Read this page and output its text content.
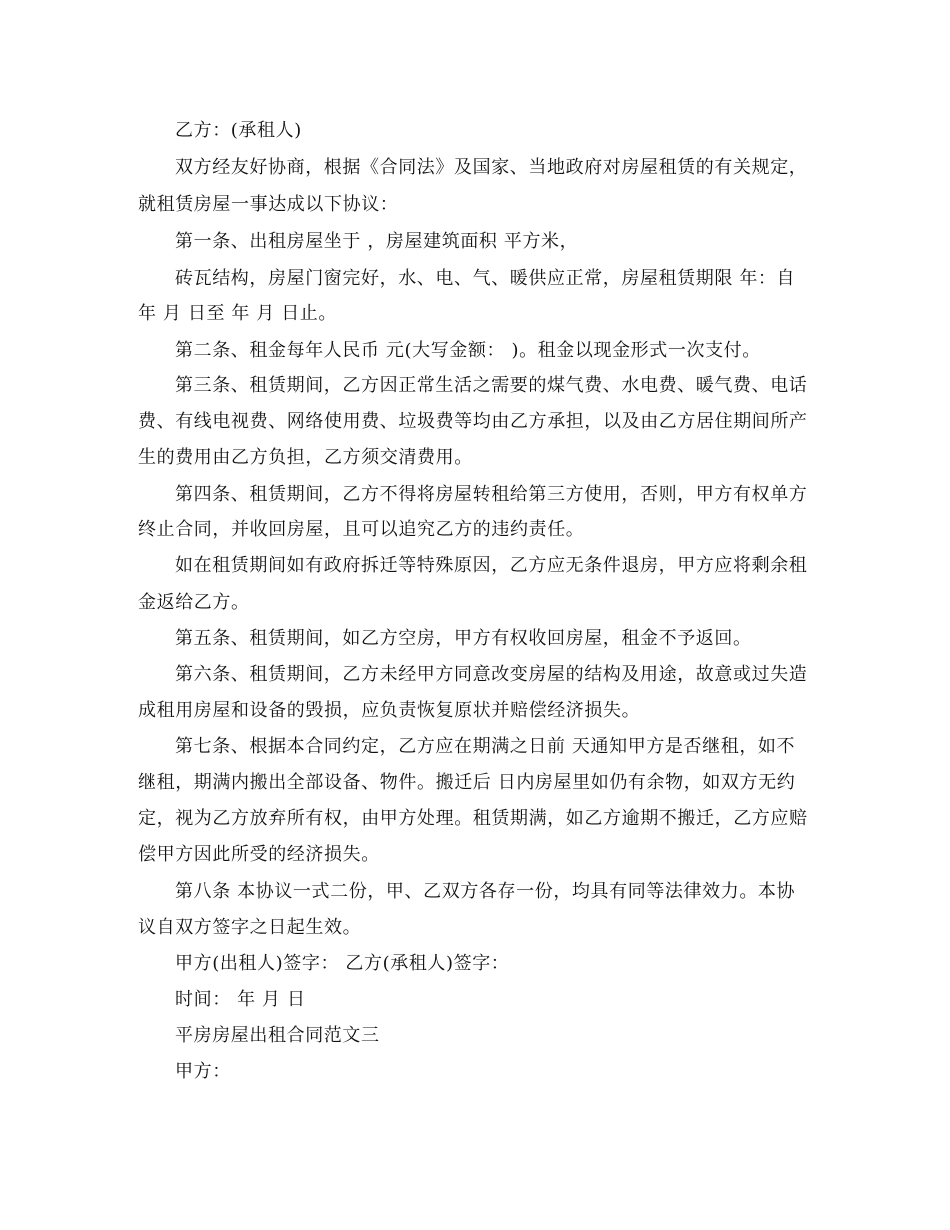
乙方：(承租人)
双方经友好协商，根据《合同法》及国家、当地政府对房屋租赁的有关规定，
就租赁房屋一事达成以下协议：
第一条、出租房屋坐于 ，房屋建筑面积 平方米，
砖瓦结构，房屋门窗完好，水、电、气、暖供应正常，房屋租赁期限 年：自
年 月 日至 年 月 日止。
第二条、租金每年人民币 元(大写金额： )。租金以现金形式一次支付。
第三条、租赁期间，乙方因正常生活之需要的煤气费、水电费、暖气费、电话
费、有线电视费、网络使用费、垃圾费等均由乙方承担，以及由乙方居住期间所产
生的费用由乙方负担，乙方须交清费用。
第四条、租赁期间，乙方不得将房屋转租给第三方使用，否则，甲方有权单方
终止合同，并收回房屋，且可以追究乙方的违约责任。
如在租赁期间如有政府拆迁等特殊原因，乙方应无条件退房，甲方应将剩余租
金返给乙方。
第五条、租赁期间，如乙方空房，甲方有权收回房屋，租金不予返回。
第六条、租赁期间，乙方未经甲方同意改变房屋的结构及用途，故意或过失造
成租用房屋和设备的毁损，应负责恢复原状并赔偿经济损失。
第七条、根据本合同约定，乙方应在期满之日前 天通知甲方是否继租，如不
继租，期满内搬出全部设备、物件。搬迁后 日内房屋里如仍有余物，如双方无约
定，视为乙方放弃所有权，由甲方处理。租赁期满，如乙方逾期不搬迁，乙方应赔
偿甲方因此所受的经济损失。
第八条 本协议一式二份，甲、乙双方各存一份，均具有同等法律效力。本协
议自双方签字之日起生效。
甲方(出租人)签字： 乙方(承租人)签字：
时间： 年 月 日
平房房屋出租合同范文三
甲方：
